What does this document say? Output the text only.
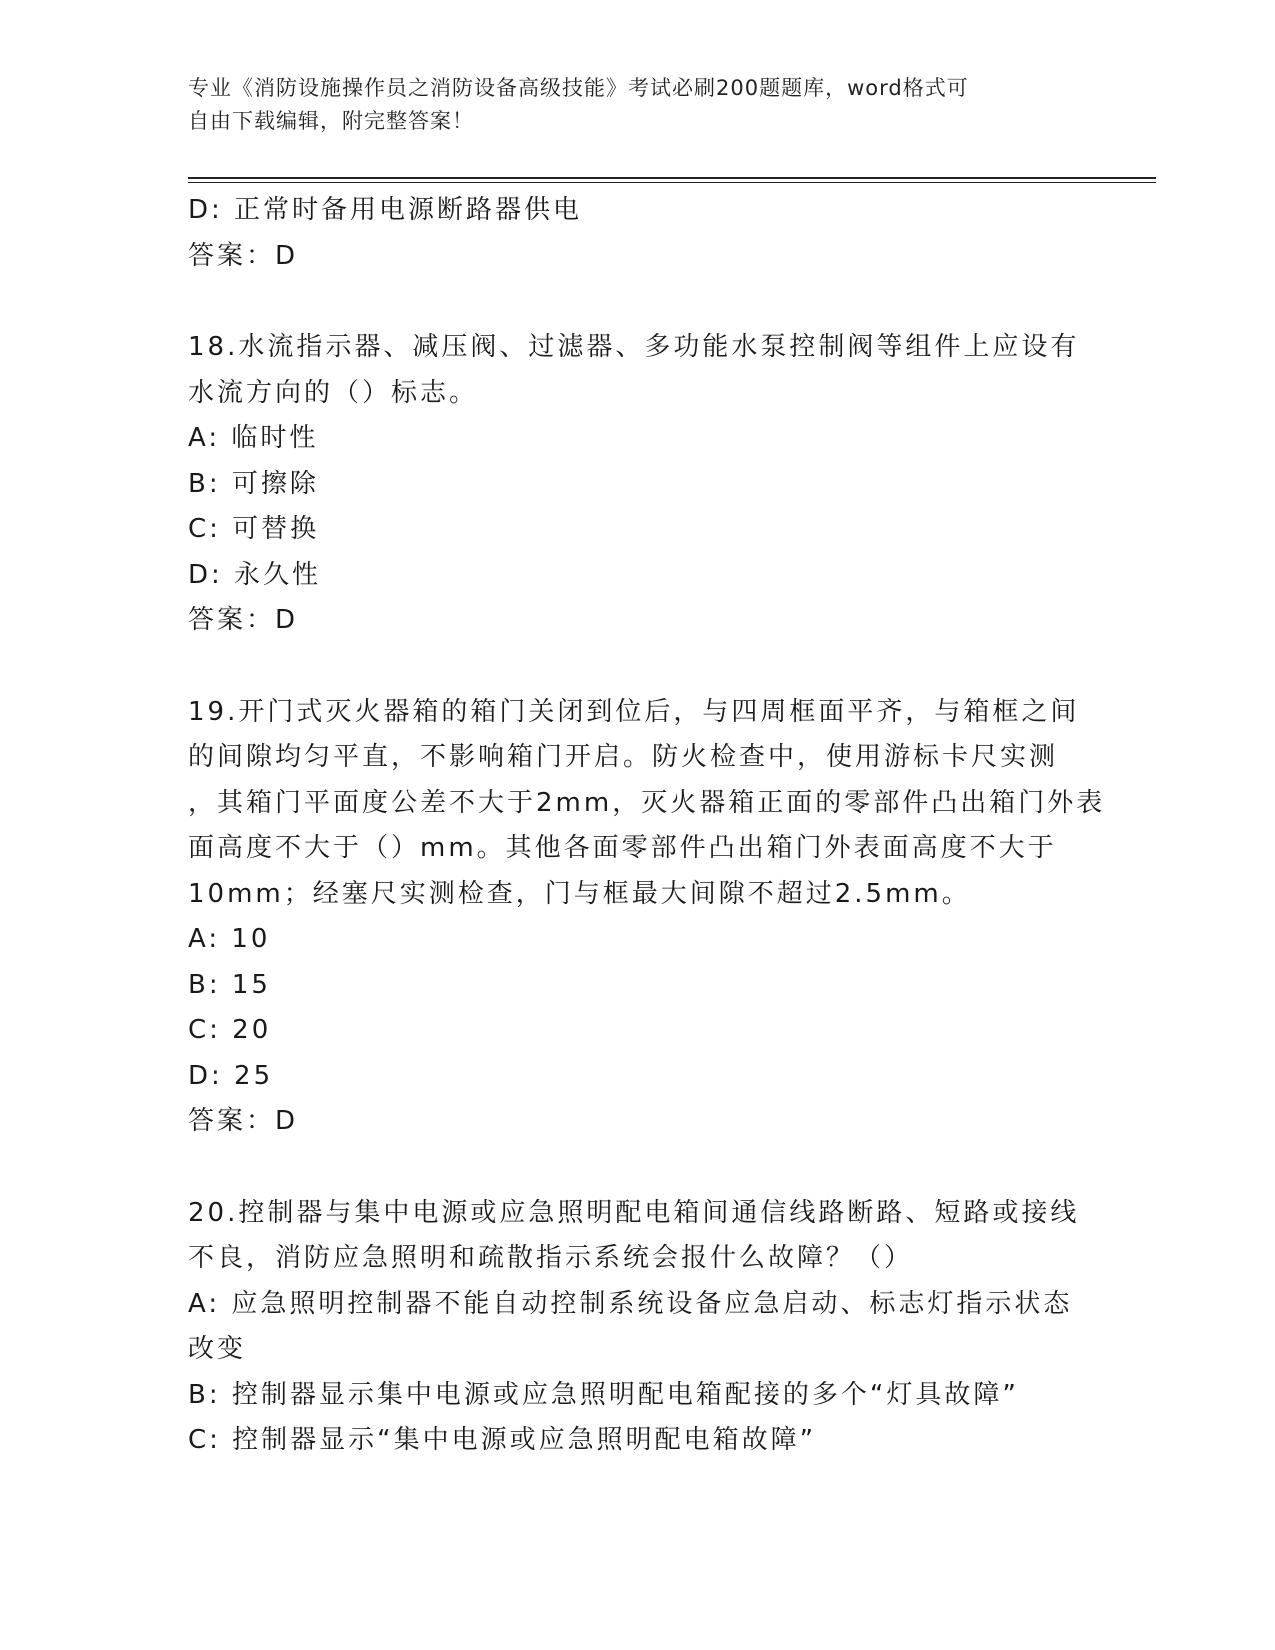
专业《消防设施操作员之消防设备高级技能》考试必刷200题题库，word格式可
自由下载编辑，附完整答案！
D: 正常时备用电源断路器供电
答案：D
18.水流指示器、减压阀、过滤器、多功能水泵控制阀等组件上应设有
水流方向的（）标志。
A: 临时性
B: 可擦除
C: 可替换
D: 永久性
答案：D
19.开门式灭火器箱的箱门关闭到位后，与四周框面平齐，与箱框之间
的间隙均匀平直，不影响箱门开启。防火检查中，使用游标卡尺实测
，其箱门平面度公差不大于2mm，灭火器箱正面的零部件凸出箱门外表
面高度不大于（）mm。其他各面零部件凸出箱门外表面高度不大于
10mm；经塞尺实测检查，门与框最大间隙不超过2.5mm。
A: 10
B: 15
C: 20
D: 25
答案：D
20.控制器与集中电源或应急照明配电箱间通信线路断路、短路或接线
不良，消防应急照明和疏散指示系统会报什么故障？（）
A: 应急照明控制器不能自动控制系统设备应急启动、标志灯指示状态
改变
B: 控制器显示集中电源或应急照明配电箱配接的多个“灯具故障”
C: 控制器显示“集中电源或应急照明配电箱故障”
